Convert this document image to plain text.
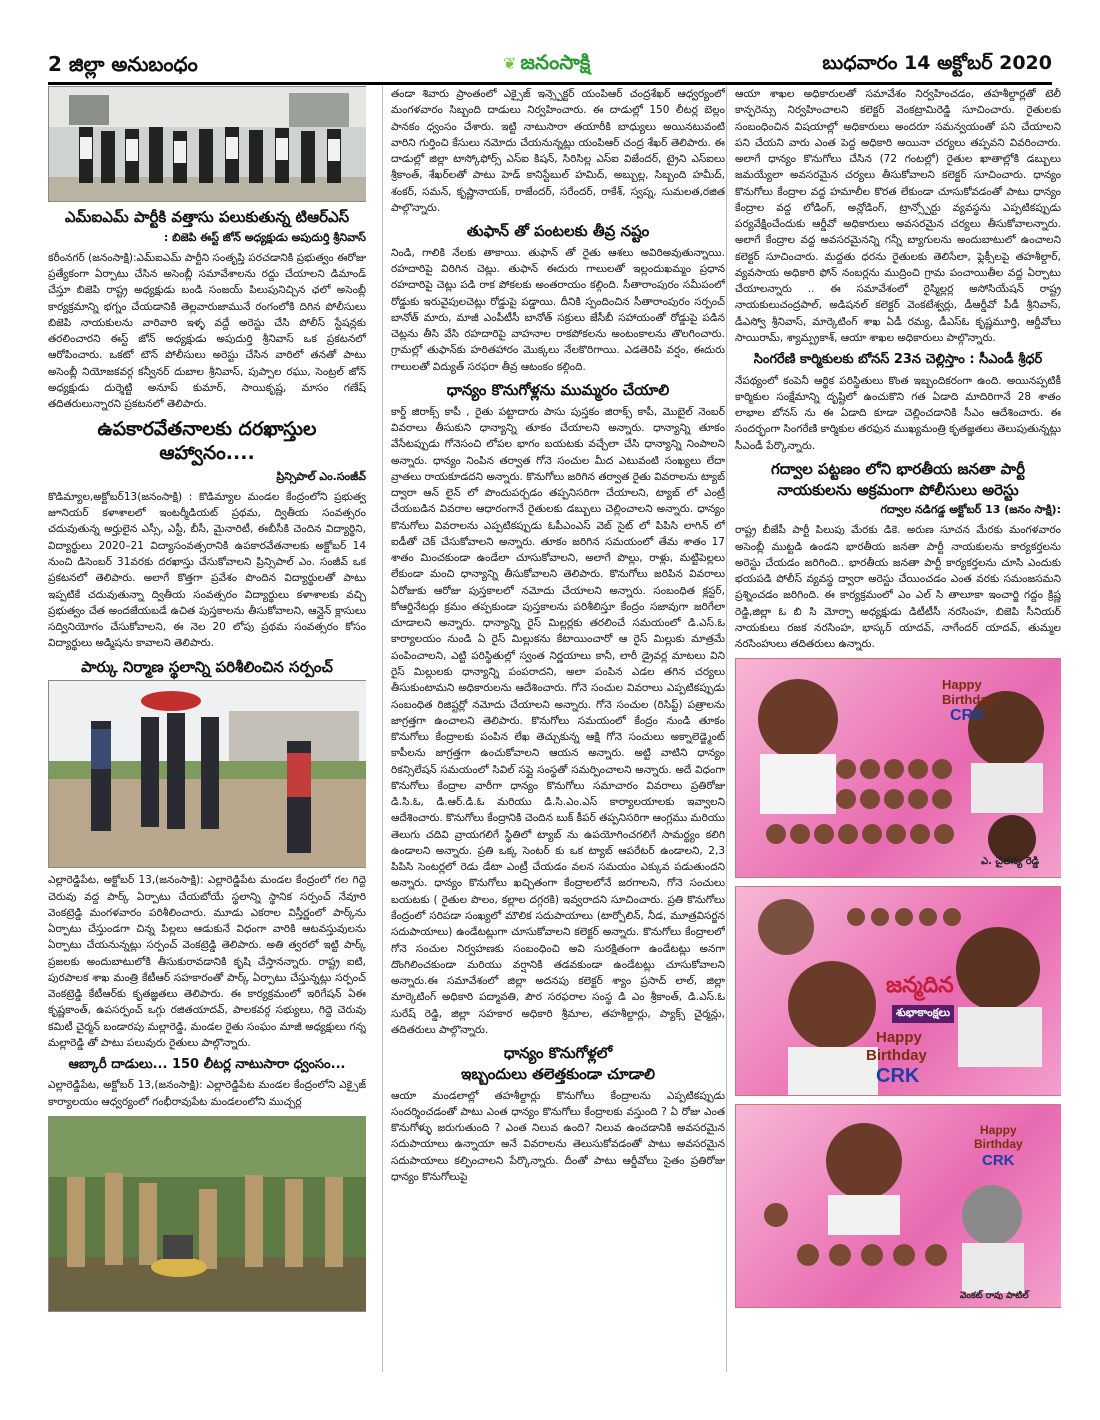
2 జిల్లా అనుబంధం	❦ జనంసాక్షి	బుధవారం 14 అక్టోబర్ 2020
ఎమ్ఐఎమ్ పార్టీకి వత్తాసు పలుకుతున్న టిఆర్ఎస్
: బిజెపి ఈస్ట్ జోన్ అధ్యక్షుడు అపుదుర్తి శ్రీనివాస్

కరీంనగర్ (జనంసాక్షి):ఎమ్ఐఎమ్ పార్టీని సంతృప్తి పరచడానికి ప్రభుత్వం ఈరోజు ప్రత్యేకంగా ఏర్పాటు చేసిన అసెంబ్లీ సమావేశాలను రద్దు చేయాలని డిమాండ్ చేస్తూ బిజెపి రాష్ట్ర అధ్యక్షుడు బండి సంజయ్ పిలుపునిచ్చిన ఛలో అసెంబ్లీ కార్యక్రమాన్ని భగ్నం చేయడానికి తెల్లవారుజామునే రంగంలోకి దిగిన పోలీసులు బిజెపి నాయకులను వారివారి ఇళ్ళ వద్దే అరెస్టు చేసి పోలీస్ స్టేషన్లకు తరలించారని ఈస్ట్ జోన్ అధ్యక్షుడు అపుదుర్తి శ్రీనివాస్ ఒక ప్రకటనలో ఆరోపించారు. ఒకటో టౌన్ పోలీసులు అరెస్టు చేసిన వారిలో తనతో పాటు అసెంబ్లీ నియోజకవర్గ కన్వీనర్ దుబాల శ్రీనివాస్, పుప్పాల రఘు, సెంట్రల్ జోన్ అధ్యక్షుడు దుర్శెట్టి అనూప్ కుమార్, సాయికృష్ణ, మాసం గణేష్ తదితరులున్నారని ప్రకటనలో తెలిపారు.

ఉపకారవేతనాలకు దరఖాస్తుల ఆహ్వానం....
ప్రిన్సిపాల్ ఎం.సంజీవ్

కొడిమ్యాల,అక్టోబర్13(జనంసాక్షి) : కొడిమ్యాల మండల కేంద్రంలోని ప్రభుత్వ జూనియర్ కళాశాలలో ఇంటర్మీడియట్ ప్రథమ, ద్వితీయ సంవత్సరం చదువుతున్న అర్హులైన ఎస్సీ, ఎస్టీ, బీసీ, మైనారిటీ, ఈబీసీకి చెందిన విద్యార్థిని, విద్యార్థులు 2020–21 విద్యాసంవత్సరానికి ఉపకారవేతనాలకు అక్టోబర్ 14 నుంచి డిసెంబర్ 31వరకు దరఖాస్తు చేసుకోవాలని ప్రిన్సిపాల్ ఎం. సంజీవ్ ఒక ప్రకటనలో తెలిపారు. అలాగే కొత్తగా ప్రవేశం పొందిన విద్యార్థులతో పాటు ఇప్పటికే చదువుతున్నా ద్వితీయ సంవత్సరం విద్యార్థులు కళాశాలకు వచ్చి ప్రభుత్వం చేత అందజేయబడే ఉచిత పుస్తకాలను తీసుకోవాలని, ఆన్లైన్ క్లాసులు సద్వినియోగం చేసుకోవాలని, ఈ నెల 20 లోపు ప్రథమ సంవత్సరం కోసం విద్యార్థులు అడ్మిషను కావాలని తెలిపారు.

పార్కు నిర్మాణ స్థలాన్ని పరిశీలించిన సర్పంచ్

ఎల్లారెడ్డిపేట, అక్టోబర్ 13,(జనంసాక్షి): ఎల్లారెడ్డిపేట మండల కేంద్రంలో గల గిద్దె చెరువు వద్ద పార్క్ ఏర్పాటు చేయబోయే స్థలాన్ని స్థానిక సర్పంచ్ నేవూరి వెంకట్రెడ్డి మంగళవారం పరిశీలించారు. మూడు ఎకరాల విస్తీర్ణంలో పార్క్‌ను ఏర్పాటు చేస్తుండగా చిన్న పిల్లలు ఆడుకునే విధంగా వారికి ఆటవస్తువులను ఏర్పాటు చేయనున్నట్లు సర్పంచ్ వెంకట్రెడ్డి తెలిపారు. అతి త్వరలో ఇట్టి పార్క్ ప్రజలకు అందుబాటులోకి తీసుకురావడానికి కృషి చేస్తానన్నారు. రాష్ట్ర ఐటి, పురపాలక శాఖ మంత్రి కేటీఆర్ సహకారంతో పార్క్ ఏర్పాటు చేస్తున్నట్లు సర్పంచ్ వెంకట్రెడ్డి కేటీఆర్‌కు కృతజ్ఞతలు తెలిపారు. ఈ కార్యక్రమంలో ఇరిగేషన్ ఏఈ కృష్ణకాంత్, ఉపసర్పంచ్ ఒగ్గు రజితయాదవ్, పాలకవర్గ సభ్యులు, గిద్దె చెరువు కమిటీ చైర్మన్ బండారపు మల్లారెడ్డి, మండల రైతు సంఘం మాజీ అధ్యక్షులు గన్న మల్లారెడ్డి తో పాటు పలువురు రైతులు పాల్గొన్నారు.

ఆబ్కారీ దాడులు... 150 లీటర్ల నాటుసారా ధ్వంసం...

ఎల్లారెడ్డిపేట, అక్టోబర్ 13,(జనంసాక్షి): ఎల్లారెడ్డిపేట మండల కేంద్రంలోని ఎక్సైజ్ కార్యాలయం ఆధ్వర్యంలో గంభీరావుపేట మండలంలోని ముచ్చర్ల

తండా శివారు ప్రాంతంలో ఎక్సైజ్ ఇన్స్పెక్టర్ యంపిఆర్ చంద్రశేఖర్ ఆధ్వర్యంలో మంగళవారం సిబ్బంది దాడులు నిర్వహించారు. ఈ దాడుల్లో 150 లీటర్ల బెల్లం పానకం ధ్వంసం చేశారు. ఇట్టి నాటుసారా తయారీకి బాధ్యులు అయినటువంటి వారిని గుర్తించి కేసులు నమోదు చేయనున్నట్లు యంపిఆర్ చంద్ర శేఖర్ తెలిపారు. ఈ దాడుల్లో జిల్లా టాస్కోఫోర్స్ ఎస్ఐ కిషన్, సిరిసిల్ల ఎస్ఐ విజేందర్, ట్రైని ఎస్ఐలు శ్రీకాంత్, శేఖర్‌లతో పాటు హెడ్ కానిస్టేబుల్ హమిద్, అబ్బుల్ల, సిబ్బంది హమీద్, శంకర్, సమన్, కృష్ణానాయక్, రాజేందర్, సరేందర్, రాకేశ్, స్వప్న, సుమలత,రజిత పాల్గొన్నారు.

తుఫాన్ తో పంటలకు తీవ్ర నష్టం

నిండి, గాలికి నేలకు తాకాయి. తుఫాన్ తో రైతు ఆశలు అవిరిఅవుతున్నాయి. రహదారిపై విరిగిన చెట్లు. తుఫాన్ ఈదురు గాలులతో ఇల్లందుఖమ్మం ప్రధాన రహదారిపై చెట్లు పడి రాక పోకలకు అంతరాయం కల్గింది. సీతారాంపురం సమీపంలో రోడ్డుకు ఇరువైపులచెట్లు రోడ్డుపై పడ్డాయి. దీనికి స్పందించిన సీతారాంపురం సర్పంచ్ బానోత్ మారు, మాజీ ఎంపీటీసీ బానోత్ సక్రులు జేసీబీ సహాయంతో రోడ్డుపై పడిన చెట్లను తీసి వేసి రహదారిపై వాహనాల రాకపోకలను అంటంకాలను తొలగించారు. గ్రామల్లో తుఫాన్‌కు హరితహారం మొక్కలు నేలకొరిగాయి. ఎడతెరిపి వర్షం, ఈదురు గాలులతో విద్యుత్ సరఫరా తీవ్ర ఆటంకం కల్గింది.

ధాన్యం కొనుగోళ్లను ముమ్మరం చేయాలి

కార్డ్ జిరాక్స్ కాపీ , రైతు పట్టాదారు పాసు పుస్తకం జిరాక్స్ కాపీ, మొబైల్ నెంబర్ వివరాలు తీసుకుని ధాన్యాన్ని తూకం చేయాలని అన్నారు. ధాన్యాన్ని తూకం వేసేటప్పుడు గోనెసంచి లోపల భాగం బయటకు వచ్చేలా చేసి ధాన్యాన్ని నింపాలని అన్నారు. ధాన్యం నింపిన తర్వాత గోనె సంచుల మీద ఎటువంటి సంఖ్యలు లేదా వ్రాతలు రాయకూడదని అన్నారు. కొనుగోలు జరిగిన తర్వాత రైతు వివరాలను ట్యాబ్ ద్వారా ఆన్ లైన్ లో పొందుపర్చడం తప్పనిసరిగా చేయాలని, ట్యాబ్ లో ఎంట్రీ చేయబడిన వివరాల ఆధారంగానే రైతులకు డబ్బులు చెల్లించాలని అన్నారు. ధాన్యం కొనుగోలు వివరాలను ఎప్పటికప్పుడు ఓపీఎంఎస్ వెబ్ సైట్ లో పిపిసి లాగిన్ లో ఐడీతో చెక్ చేసుకోవాలని అన్నారు. తూకం జరిగిన సమయంలో తేమ శాతం 17 శాతం మించకుండా ఉండేలా చూసుకోవాలని, అలాగే పొల్లు, రాళ్లు, మట్టిపెల్లలు లేకుండా మంచి ధాన్యాన్ని తీసుకోవాలని తెలిపారు. కొనుగోలు జరిపిన వివరాలు ఏరోజుకు ఆరోజు పుస్తకాలలో నమోదు చేయాలని అన్నారు. సంబంధిత క్లస్టర్, కోఆర్డినేటర్లు క్రమం తప్పకుండా పుస్తకాలను పరిశీలిస్తూ కేంద్రం సజావుగా జరిగేలా చూడాలని అన్నారు. ధాన్యాన్ని రైస్ మిల్లర్లకు తరలించే సమయంలో డి.ఎస్.ఓ కార్యాలయం నుండి ఏ రైస్ మిల్లుకను కేటాయించారో ఆ రైస్ మిల్లుకు మాత్రమే పంపించాలని, ఎట్టి పరిస్థితుల్లో స్వంత నిర్ణయాలు కానీ, లారీ డ్రైవర్ల మాటలు విని రైస్ మిల్లులకు ధాన్యాన్ని పంపరాదని, అలా పంపిన ఎడల తగిన చర్యలు తీసుకుంటామని అధికారులను ఆదేశించారు. గోనె సంచుల వివరాలు ఎప్పటికప్పుడు సంబంధిత రిజిష్టర్లో నమోదు చేయాలని అన్నారు. గోనె సంచుల (రిసిప్ట్) పత్రాలను జాగ్రత్తగా ఉంచాలని తెలిపారు. కొనుగోలు సమయంలో కేంద్రం నుండి తూకం కొనుగోలు కేంద్రాలకు పంపిన లేఖ తెచ్చుకున్న ఆక్షి గోనె సంచులు అక్నాలెడ్జ్మెంట్ కాపీలను జాగ్రత్తగా ఉంచుకోవాలని ఆయన అన్నారు. అట్టి వాటిని ధాన్యం రికన్సిలేషన్ సమయంలో సివిల్ సప్లై సంస్థతో సమర్పించాలని అన్నారు. అదే విధంగా కొనుగోలు కేంద్రాల వారీగా ధాన్యం కొనుగోలు సమాచారం వివరాలు ప్రతిరోజు డి.సి.ఓ, డి.ఆర్.డి.ఓ మరియు డి.సి.ఎం.ఎస్ కార్యాలయాలకు ఇవ్వాలని ఆదేశించారు. కొనుగోలు కేంద్రానికి చెందిన బుక్ కీపర్ తప్పనిసరిగా ఆంగ్లము మరియు తెలుగు చదివి వ్రాయగలిగే స్థితిలో ట్యాబ్ ను ఉపయోగించగలిగే సామర్థ్యం కలిగి ఉండాలని అన్నారు. ప్రతి ఒక్క సెంటర్ కు ఒక ట్యాబ్ ఆపరేటర్ ఉండాలని, 2,3 పిపిసి సెంటర్లలో రెడు డేటా ఎంట్రీ చేయడం వలన సమయం ఎక్కువ పడుతుందని అన్నారు. ధాన్యం కొనుగోలు ఖచ్చితంగా కేంద్రాలలోనే జరగాలని, గోనె సంచులు బయటకు ( రైతుల పొలం, కల్లాల దగ్గరకి) ఇవ్వరాదని సూచించారు. ప్రతి కొనుగోలు కేంద్రంలో సరిపడా సంఖ్యలో మౌలిక సదుపాయాలు (టార్పోలిన్, నీడ, మూత్రవిసర్జన సదుపాయాలు) ఉండేటట్లుగా చూసుకోవాలని కలెక్టర్ అన్నారు. కొనుగోలు కేంద్రాలలో గోనె సంచుల నిర్వహణకు సంబంధించి అవి సురక్షితంగా ఉండేటట్లు అనగా దొంగిలించకుండా మరియు వర్షానికి తడవకుండా ఉండేటట్లు చూసుకోవాలని అన్నారు.ఈ సమావేశంలో జిల్లా అదనపు కలెక్టర్ శ్యాం ప్రసాద్ లాల్, జిల్లా మార్కెటింగ్ అధికారి పద్మావతి, పౌర సరఫరాల సంస్థ డి ఎం శ్రీకాంత్, డి.ఎస్.ఓ సురేష్ రెడ్డి, జిల్లా సహకార అధికారి శ్రీమాల, తహశీల్దార్లు, ప్యాక్స్ చైర్మన్లు, తదితరులు పాల్గొన్నారు.

ధాన్యం కొనుగోళ్లలో
ఇబ్బందులు తలెత్తకుండా చూడాలి

ఆయా మండలాల్లో తహశీల్దార్లు కొనుగోలు కేంద్రాలను ఎప్పటికప్పుడు సందర్శించడంతో పాటు ఎంత ధాన్యం కొనుగోలు కేంద్రాలకు వస్తుంది ? ఏ రోజు ఎంత కొనుగోళ్ళు జరుగుతుంది ? ఎంత నిలువ ఉంది? నిలువ ఉంచడానికి అవసరమైన సదుపాయాలు ఉన్నాయా అనే వివరాలను తెలుసుకోవడంతో పాటు అవసరమైన సదుపాయాలు కల్పించాలని పేర్కొన్నారు. దీంతో పాటు ఆర్డీవోలు సైతం ప్రతిరోజు ధాన్యం కొనుగోలుపై

ఆయా శాఖల అధికారులతో సమావేశం నిర్వహించడం, తహశీల్దార్లతో టెలీ కాన్ఫరెన్సు నిర్వహించాలని కలెక్టర్ వెంకట్రామిరెడ్డి సూచించారు. రైతులకు సంబంధించిన విషయాల్లో అధికారులు అందరూ సమన్వయంతో పని చేయాలని పని చేయని వారు ఎంత పెద్ద అధికారి అయినా చర్యలు తప్పవని వివరించారు. అలాగే ధాన్యం కొనుగోలు చేసిన (72 గంటల్లో) రైతుల ఖాతాల్లోకి డబ్బులు జమయ్యేలా అవసరమైన చర్యలు తీసుకోవాలని కలెక్టర్ సూచించారు. ధాన్యం కొనుగోలు కేంద్రాల వద్ద హమాలీల కొరత లేకుండా చూసుకోవడంతో పాటు ధాన్యం కేంద్రాల వద్ద లోడింగ్, అన్లోడింగ్, ట్రాన్స్పోర్టు వ్యవస్థను ఎప్పటికప్పుడు పర్యవేక్షించేందుకు ఆర్డీవో అధికారులు అవసరమైన చర్యలు తీసుకోవాలన్నారు. అలాగే కేంద్రాల వద్ద అవసరమైనన్ని గన్నీ బ్యాగులను అందుబాటులో ఉంచాలని కలెక్టర్ సూచించారు. మద్దతు ధరను రైతులకు తెలిసేలా, ఫ్లెక్సీలపై తహశీల్దార్, వ్యవసాయ అధికారి ఫోన్ నంబర్లను ముద్రించి గ్రామ పంచాయితీల వద్ద ఏర్పాటు చేయాలన్నారు .. ఈ సమావేశంలో రైస్మిల్లర్ల అసోసియేషన్ రాష్ట్ర నాయకులుచంద్రపాల్, అడిషనల్ కలెక్టర్ వెంకటేశ్వర్లు, డీఆర్డీవో పీడీ శ్రీనివాస్, డీఎస్వో శ్రీనివాస్, మార్కెటింగ్ శాఖ ఏడీ రమ్య, డీఎస్ఓ కృష్ణమూర్తి, ఆర్డీవోలు సాయిరామ్, శ్యామ్ప్రకాశ్, ఆయా శాఖల అధికారులు పాల్గొన్నారు.

సింగరేణి కార్మికులకు బోనస్ 23న చెల్లిస్తాం : సీఎండీ శ్రీధర్

నేపథ్యంలో కంపెనీ ఆర్థిక పరిస్థితులు కొంత ఇబ్బందికరంగా ఉంది. అయినప్పటికీ కార్మికుల సంక్షేమాన్ని దృష్టిలో ఉంచుకొని గత ఏడాది మాదిరిగానే 28 శాతం లాభాల బోనస్ ను ఈ ఏడాది కూడా చెల్లించడానికి సీఎం ఆదేశించారు. ఈ సందర్భంగా సింగరేణి కార్మికుల తరఫున ముఖ్యమంత్రి కృతజ్ఞతలు తెలుపుతున్నట్లు సీఎండీ పేర్కొన్నారు.

గద్వాల పట్టణం లోని భారతీయ జనతా పార్టీ
నాయకులను అక్రమంగా పోలీసులు అరెస్టు
గద్వాల నడిగడ్డ అక్టోబర్ 13 (జనం సాక్షి):

రాష్ట్ర బీజేపీ పార్టీ పిలుపు మేరకు డికె. అరుణ సూచన మేరకు మంగళవారం అసెంబ్లీ ముట్టడి ఉండని భారతీయ జనతా పార్టీ నాయకులను కార్యకర్తలను అరెస్టు చేయడం జరిగింది.. భారతీయ జనతా పార్టీ కార్యకర్తలను చూసి ఎందుకు భయపడి పోలీస్ వ్యవస్థ ద్వారా అరెస్టు చేయించడం ఎంత వరకు సమంజసమని ప్రశ్నించడం జరిగింది. ఈ కార్యక్రమంలో ఎం ఎల్ సి తాలూకా ఇంచార్జి గద్దం క్రిష్ణ రెడ్డి,జిల్లా ఓ బి సి మోర్చా అధ్యక్షుడు డిటీటీసీ నరసింహ, బిజెపి సీనియర్ నాయకులు రజక నరసింహ, భాస్కర్ యాదవ్, నాగేందర్ యాదవ్, తుమ్మల నరసింహులు తదితరులు ఉన్నారు.

Happy
Birthday
CRK
ఎ. చైతన్య రెడ్డి
జన్మదిన
శుభాకాంక్షలు
Happy
Birthday
CRK
Happy
Birthday
CRK
వెంకట్ రావు పాటిల్
